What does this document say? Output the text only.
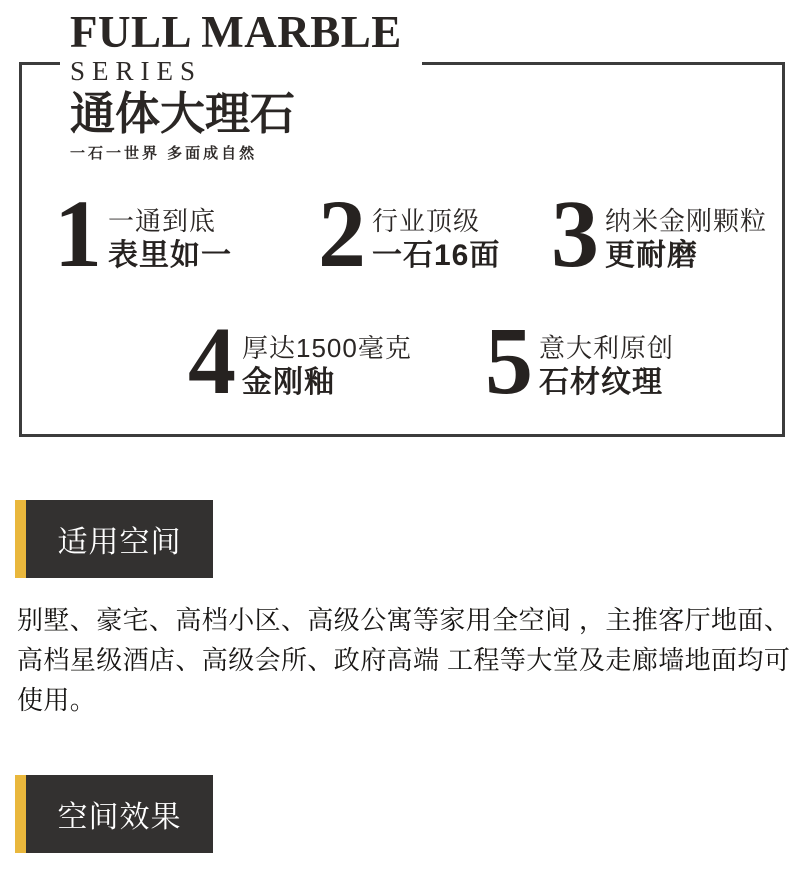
FULL MARBLE
SERIES
通体大理石
一石一世界 多面成自然
1 一通到底
表里如一 2 行业顶级
一石16面 3 纳米金刚颗粒
更耐磨
4 厚达1500毫克
金刚釉	5 意大利原创
石材纹理
适用空间
别墅、豪宅、高档小区、高级公寓等家用全空间 ，主推客厅地面、
高档星级酒店、高级会所、政府高端 工程等大堂及走廊墙地面均可
使用。
空间效果
